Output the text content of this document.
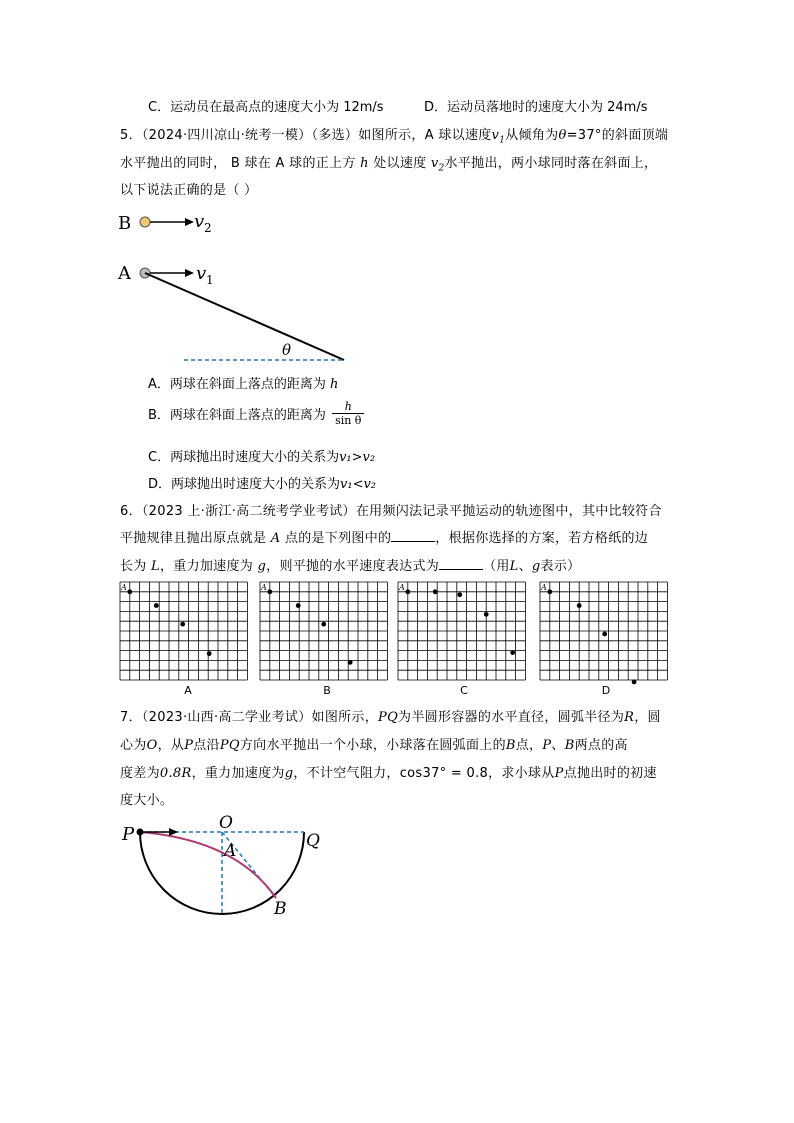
C．运动员在最高点的速度大小为 12m/s	D．运动员落地时的速度大小为 24m/s
5．（2024·四川凉山·统考一模）（多选）如图所示，A 球以速度$v_1$从倾角为θ=37°的斜面顶端
水平抛出的同时， B 球在 A 球的正上方 h 处以速度 $v_2$水平抛出，两小球同时落在斜面上，
以下说法正确的是（ ）
B	v 2
A	v 1
θ
A．两球在斜面上落点的距离为 h
B．两球在斜面上落点的距离为 $\frac{h}{\text{sin θ}}$
C．两球抛出时速度大小的关系为v₁>v₂
D．两球抛出时速度大小的关系为v₁<v₂
6．（2023 上·浙江·高二统考学业考试）在用频闪法记录平抛运动的轨迹图中，其中比较符合
平抛规律且抛出原点就是 A 点的是下列图中的	，根据你选择的方案，若方格纸的边
长为 L，重力加速度为 g，则平抛的水平速度表达式为	（用L、g表示）
A	A	A	A
A	B	C	D
7．（2023·山西·高二学业考试）如图所示，PQ为半圆形容器的水平直径，圆弧半径为R，圆
心为O，从P点沿PQ方向水平抛出一个小球，小球落在圆弧面上的B点，P、B两点的高
度差为0.8R，重力加速度为g，不计空气阻力，cos37° = 0.8，求小球从P点抛出时的初速
度大小。
P
O
Q
A
B
